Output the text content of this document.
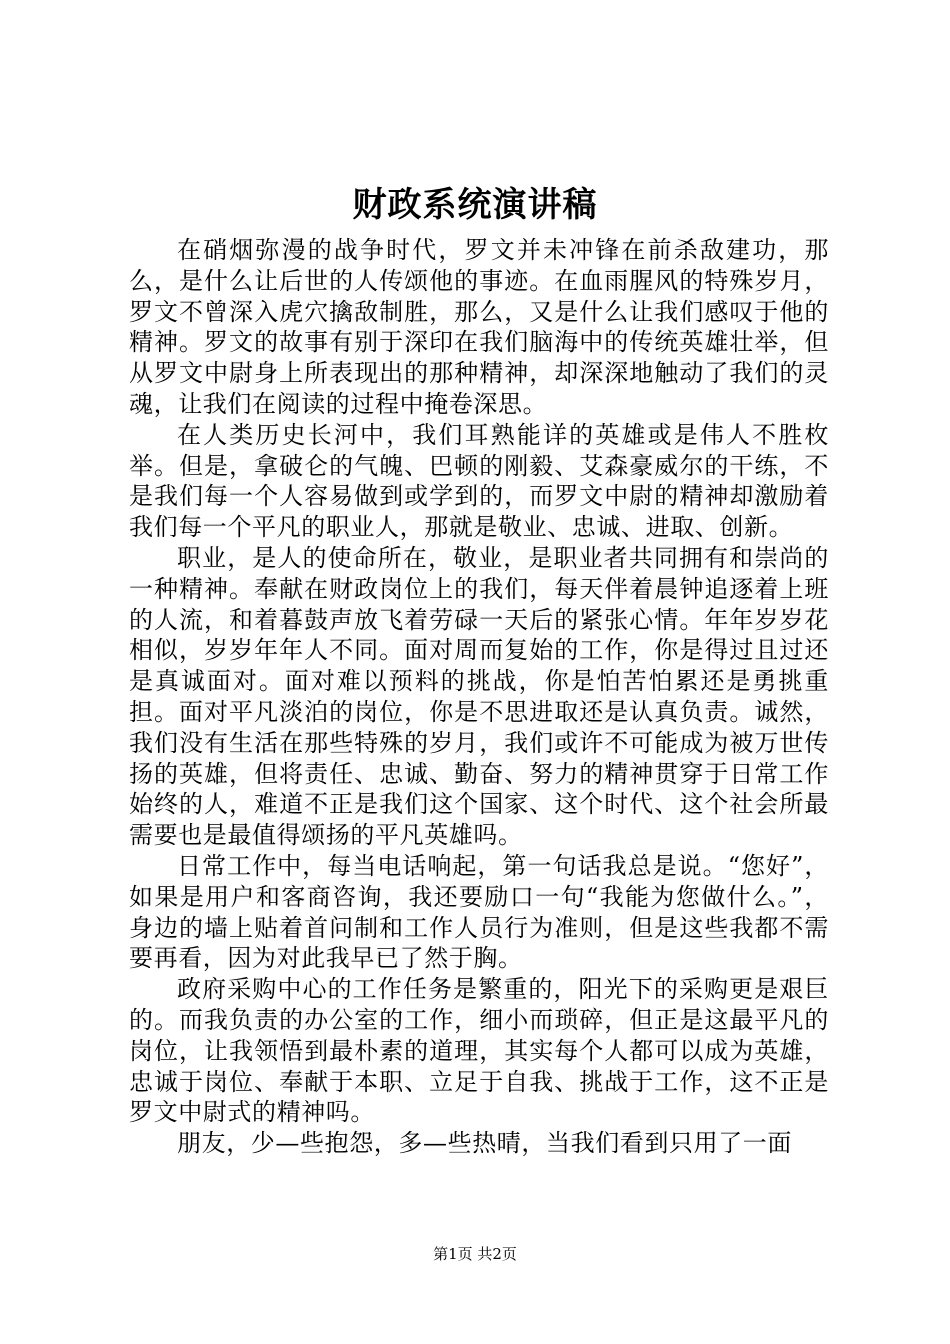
财政系统演讲稿

在硝烟弥漫的战争时代，罗文并未冲锋在前杀敌建功，那么，是什么让后世的人传颂他的事迹。在血雨腥风的特殊岁月，罗文不曾深入虎穴擒敌制胜，那么，又是什么让我们感叹于他的精神。罗文的故事有别于深印在我们脑海中的传统英雄壮举，但从罗文中尉身上所表现出的那种精神，却深深地触动了我们的灵魂，让我们在阅读的过程中掩卷深思。

在人类历史长河中，我们耳熟能详的英雄或是伟人不胜枚举。但是，拿破仑的气魄、巴顿的刚毅、艾森豪威尔的干练，不是我们每一个人容易做到或学到的，而罗文中尉的精神却激励着我们每一个平凡的职业人，那就是敬业、忠诚、进取、创新。

职业，是人的使命所在，敬业，是职业者共同拥有和崇尚的一种精神。奉献在财政岗位上的我们，每天伴着晨钟追逐着上班的人流，和着暮鼓声放飞着劳碌一天后的紧张心情。年年岁岁花相似，岁岁年年人不同。面对周而复始的工作，你是得过且过还是真诚面对。面对难以预料的挑战，你是怕苦怕累还是勇挑重担。面对平凡淡泊的岗位，你是不思进取还是认真负责。诚然，我们没有生活在那些特殊的岁月，我们或许不可能成为被万世传扬的英雄，但将责任、忠诚、勤奋、努力的精神贯穿于日常工作始终的人，难道不正是我们这个国家、这个时代、这个社会所最需要也是最值得颂扬的平凡英雄吗。

日常工作中，每当电话响起，第一句话我总是说。“您好”，如果是用户和客商咨询，我还要励口一句“我能为您做什么。”，身边的墙上贴着首问制和工作人员行为准则，但是这些我都不需要再看，因为对此我早已了然于胸。

政府采购中心的工作任务是繁重的，阳光下的采购更是艰巨的。而我负责的办公室的工作，细小而琐碎，但正是这最平凡的岗位，让我领悟到最朴素的道理，其实每个人都可以成为英雄，忠诚于岗位、奉献于本职、立足于自我、挑战于工作，这不正是罗文中尉式的精神吗。

朋友，少—些抱怨，多—些热晴，当我们看到只用了一面

第1页 共2页
